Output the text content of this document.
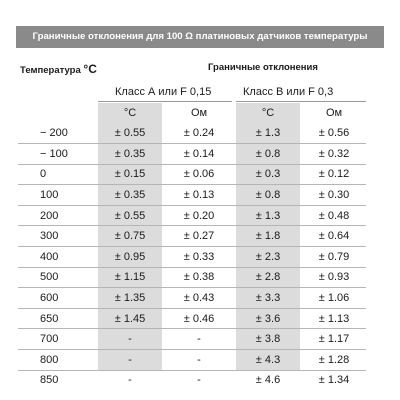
Граничные отклонения для 100 Ω платиновых датчиков температуры
Температура °C	Граничные отклонения
Класс А или F 0,15	Класс В или F 0,3
°C	Ом	°C	Ом
− 200	± 0.55	± 0.24	± 1.3	± 0.56
− 100	± 0.35	± 0.14	± 0.8	± 0.32
0	± 0.15	± 0.06	± 0.3	± 0.12
100	± 0.35	± 0.13	± 0.8	± 0.30
200	± 0.55	± 0.20	± 1.3	± 0.48
300	± 0.75	± 0.27	± 1.8	± 0.64
400	± 0.95	± 0.33	± 2.3	± 0.79
500	± 1.15	± 0.38	± 2.8	± 0.93
600	± 1.35	± 0.43	± 3.3	± 1.06
650	± 1.45	± 0.46	± 3.6	± 1.13
700	-	-	± 3.8	± 1.17
800	-	-	± 4.3	± 1.28
850	-	-	± 4.6	± 1.34
